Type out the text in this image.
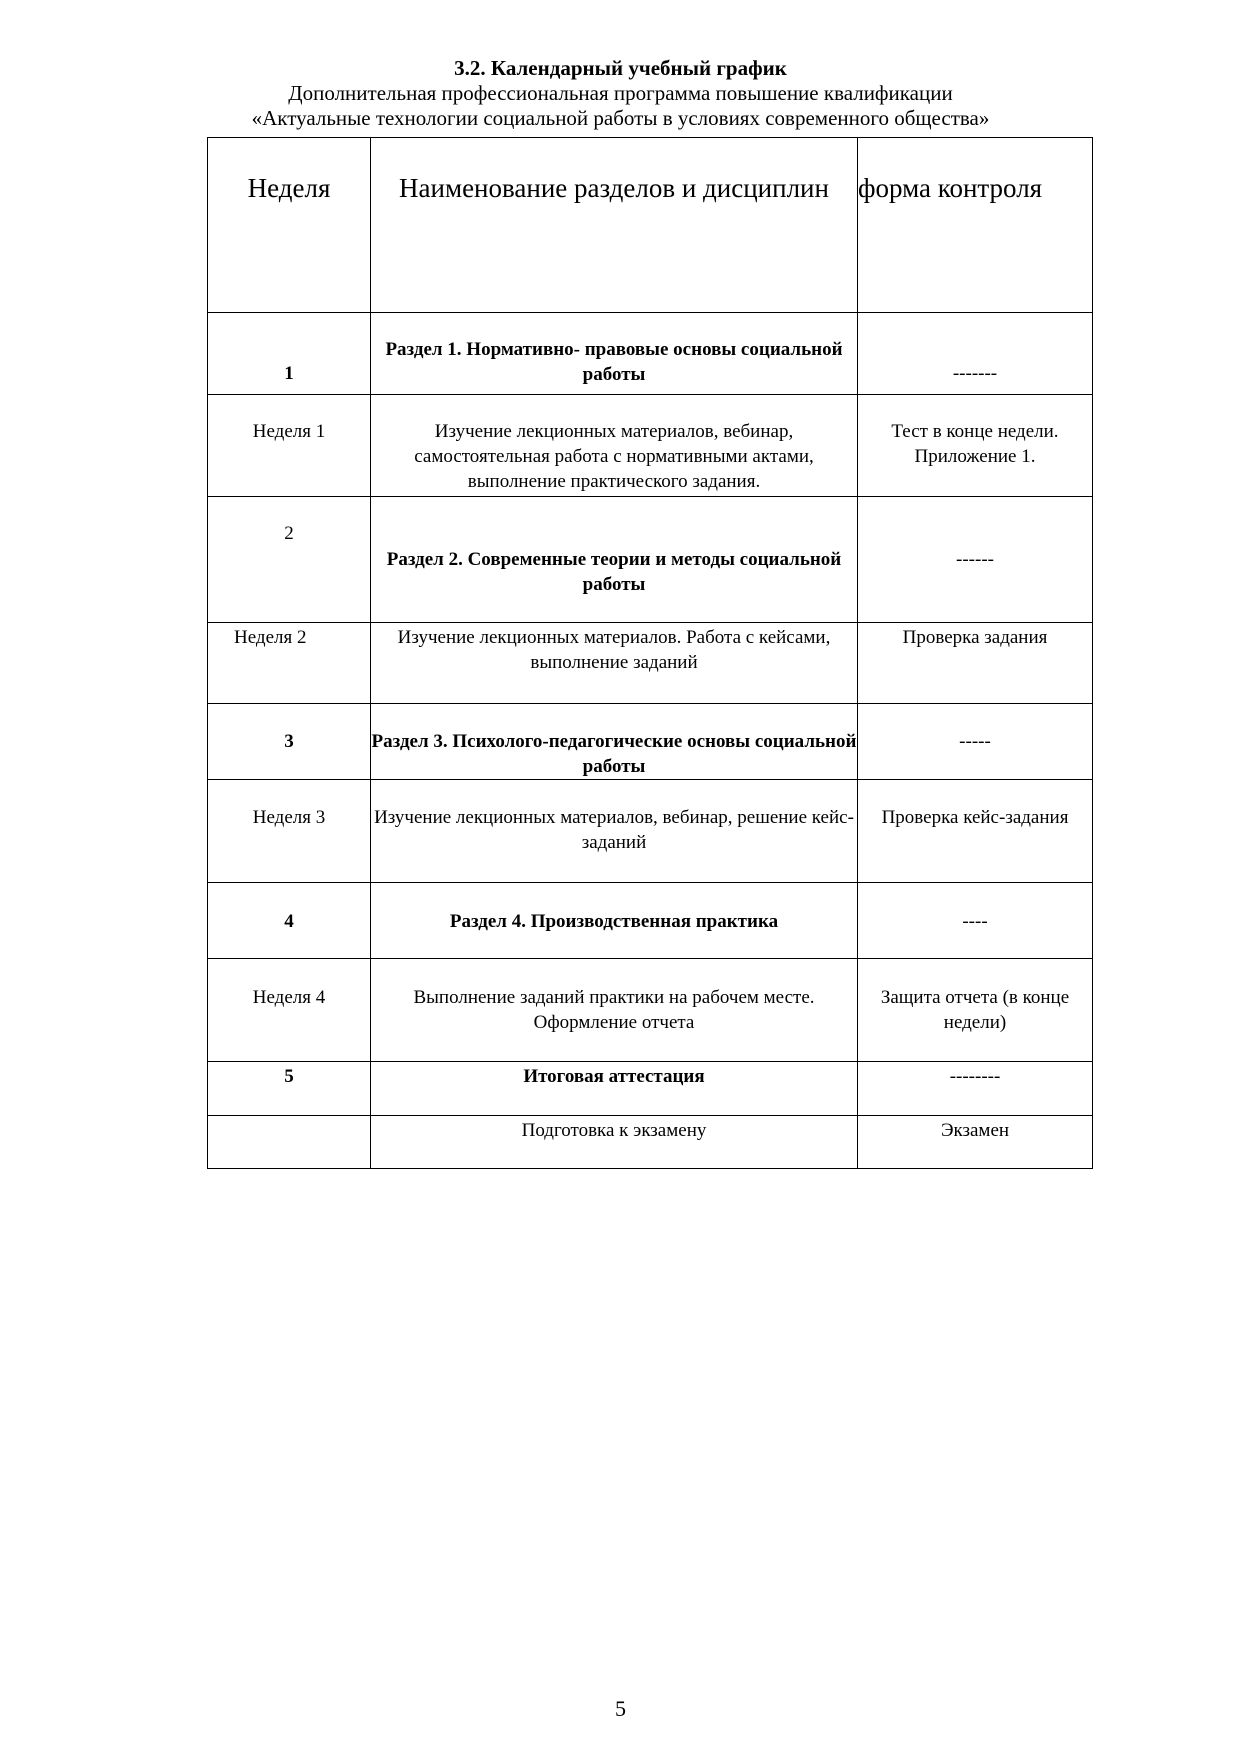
3.2. Календарный учебный график
Дополнительная профессиональная программа повышение квалификации
«Актуальные технологии социальной работы в условиях современного общества»
Неделя	Наименование разделов и дисциплин	форма контроля
1	Раздел 1. Нормативно- правовые основы социальной работы	-------
Неделя 1	Изучение лекционных материалов, вебинар, самостоятельная работа с нормативными актами, выполнение практического задания.	Тест в конце недели. Приложение 1.
2	Раздел 2. Современные теории и методы социальной работы	------
Неделя 2	Изучение лекционных материалов. Работа с кейсами, выполнение заданий	Проверка задания
3	Раздел 3. Психолого-педагогические основы социальной работы	-----
Неделя 3	Изучение лекционных материалов, вебинар, решение кейс-заданий	Проверка кейс-задания
4	Раздел 4. Производственная практика	----
Неделя 4	Выполнение заданий практики на рабочем месте. Оформление отчета	Защита отчета (в конце недели)
5	Итоговая аттестация	--------
	Подготовка к экзамену	Экзамен
5
